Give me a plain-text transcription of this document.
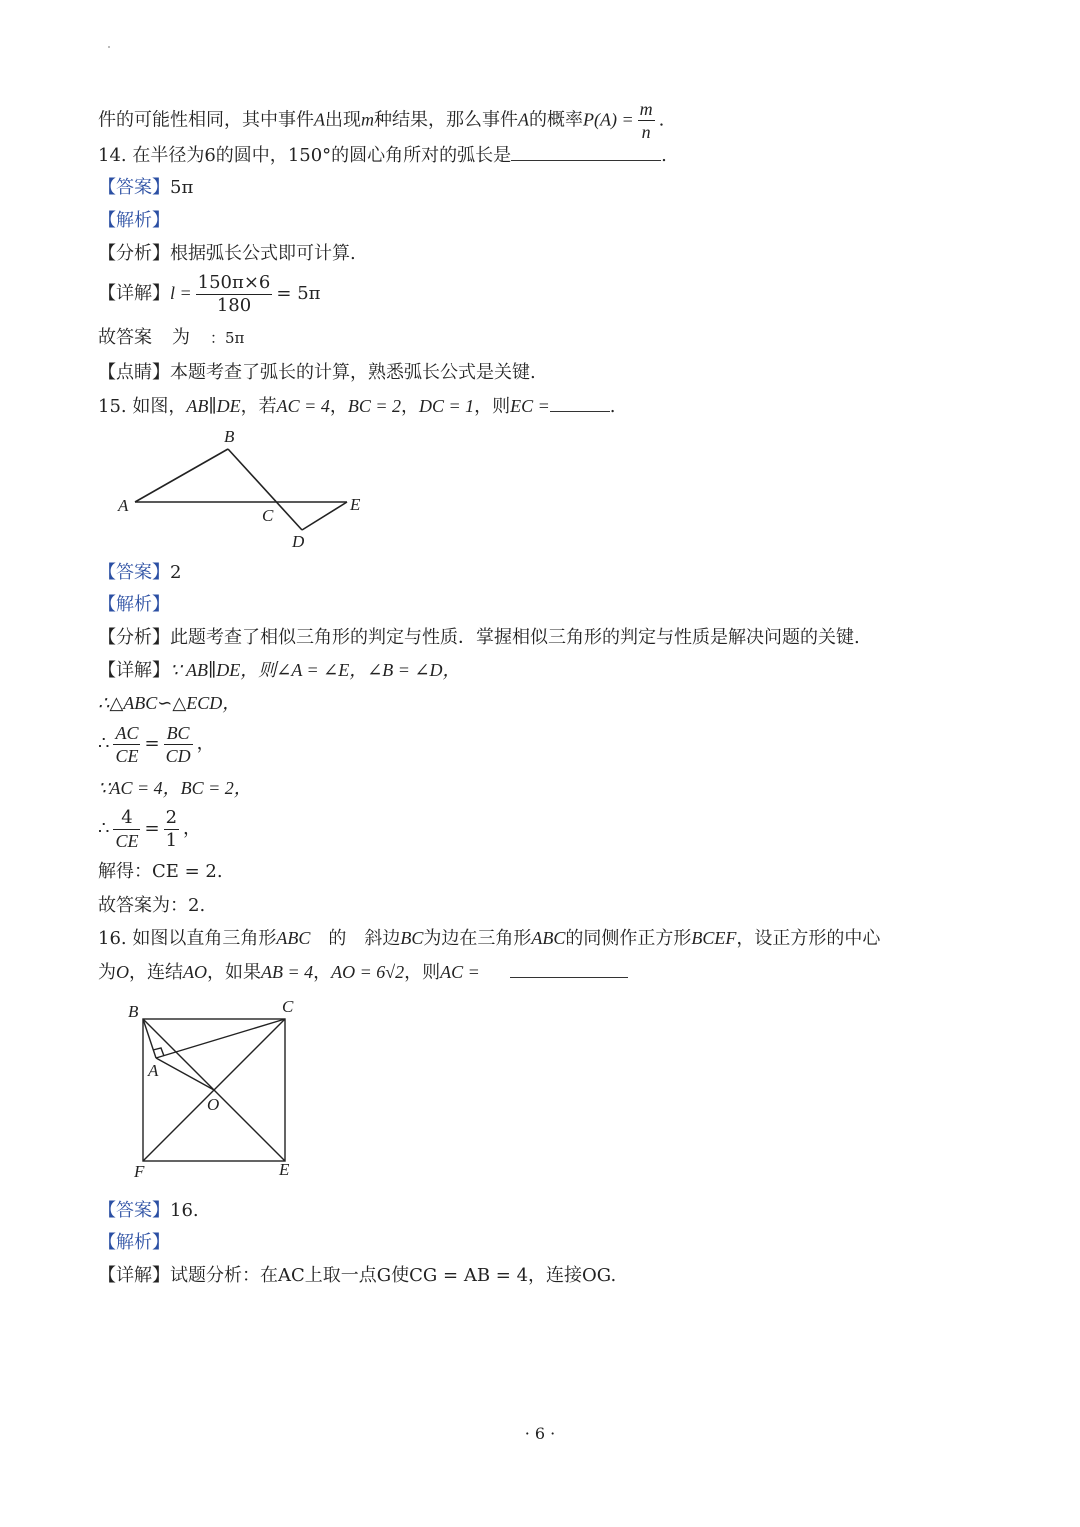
件的可能性相同，其中事件A出现m种结果，那么事件A的概率$P(A) = \frac{m}{n}$ .
14. 在半径为6的圆中，150°的圆心角所对的弧长是	.
【答案】5π
【解析】
【分析】根据弧长公式即可计算.
【详解】$l = \frac{150\pi\times 6}{180} = 5\pi$
故答案 为 ：5π
【点睛】本题考查了弧长的计算，熟悉弧长公式是关键.
15. 如图，AB∥DE，若AC = 4，BC = 2，DC = 1，则EC =	.
B
A
C
E
D
【答案】2
【解析】
【分析】此题考查了相似三角形的判定与性质．掌握相似三角形的判定与性质是解决问题的关键.
【详解】∵ AB∥DE，则∠A = ∠E，∠B = ∠D，
∴△ABC∽△ECD，
∴ $\frac{AC}{CE} = \frac{BC}{CD}$ ，
∵AC = 4，BC = 2，
∴ $\frac{4}{CE} = \frac{2}{1}$ ，
解得：CE = 2.
故答案为：2.
16. 如图以直角三角形ABC 的 斜边BC为边在三角形ABC的同侧作正方形BCEF，设正方形的中心
为O，连结AO，如果AB = 4，AO = 6√2，则AC =
B	C
A
O
F	E
【答案】16.
【解析】
【详解】试题分析：在AC上取一点G使CG = AB = 4，连接OG.
· 6 ·
